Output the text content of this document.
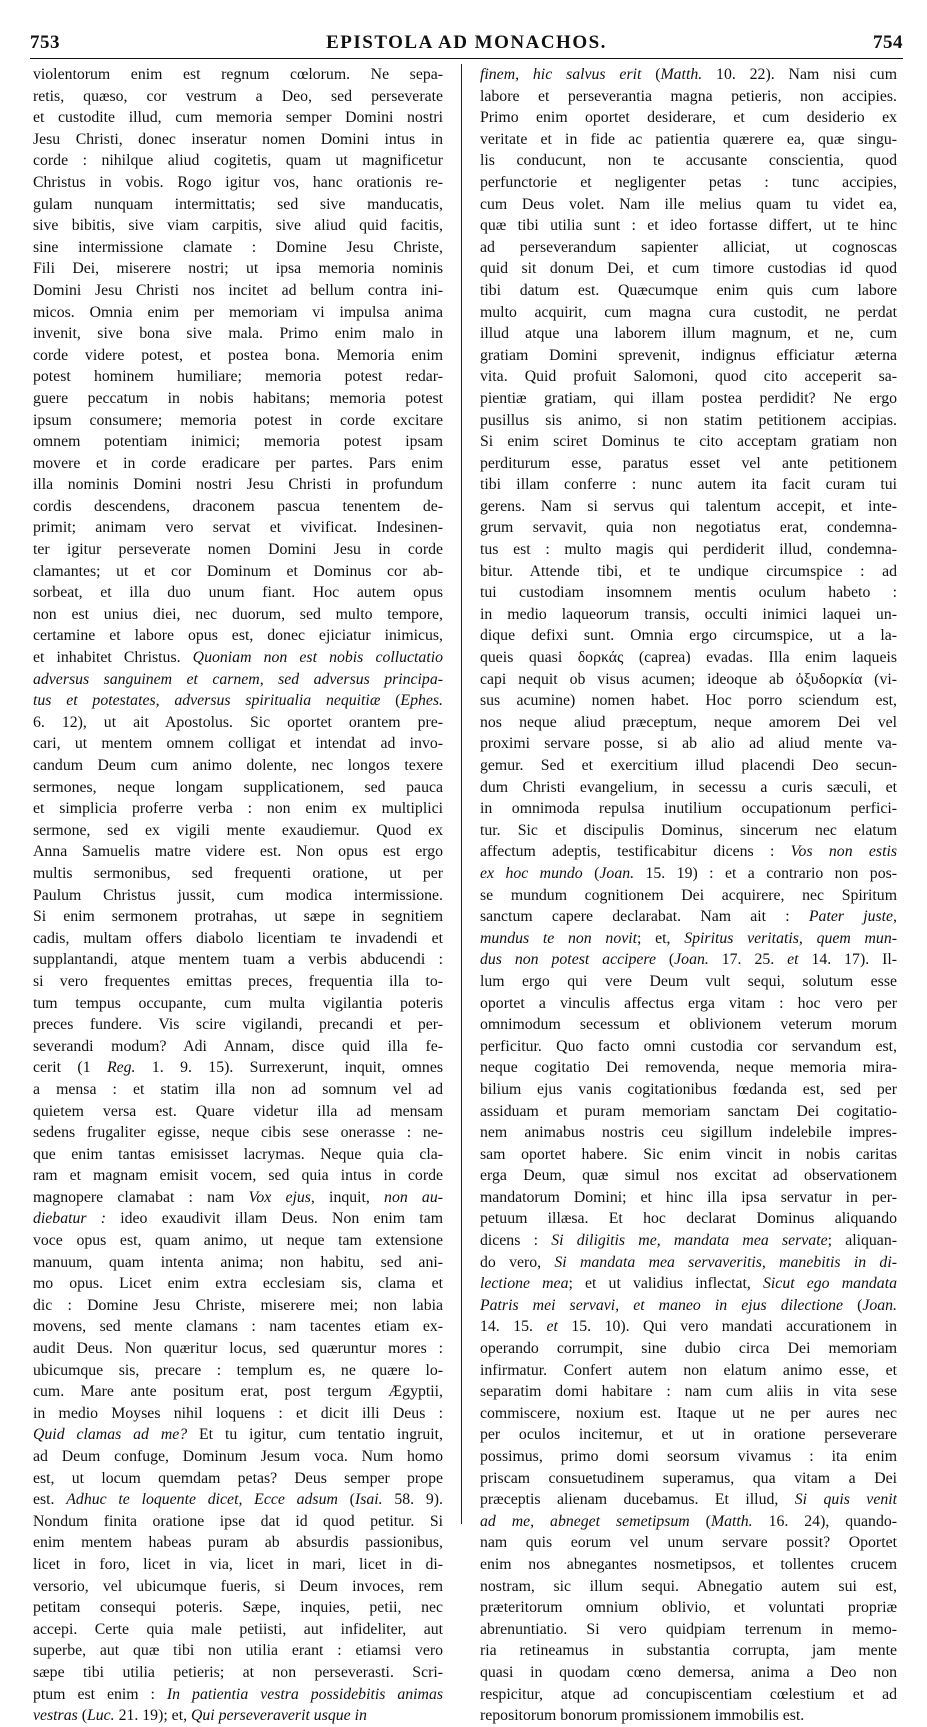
753	EPISTOLA AD MONACHOS.	754
violentorum enim est regnum cœlorum. Ne sepa-
retis, quæso, cor vestrum a Deo, sed perseverate
et custodite illud, cum memoria semper Domini nostri
Jesu Christi, donec inseratur nomen Domini intus in
corde : nihilque aliud cogitetis, quam ut magnificetur
Christus in vobis. Rogo igitur vos, hanc orationis re-
gulam nunquam intermittatis; sed sive manducatis,
sive bibitis, sive viam carpitis, sive aliud quid facitis,
sine intermissione clamate : Domine Jesu Christe,
Fili Dei, miserere nostri; ut ipsa memoria nominis
Domini Jesu Christi nos incitet ad bellum contra ini-
micos. Omnia enim per memoriam vi impulsa anima
invenit, sive bona sive mala. Primo enim malo in
corde videre potest, et postea bona. Memoria enim
potest hominem humiliare; memoria potest redar-
guere peccatum in nobis habitans; memoria potest
ipsum consumere; memoria potest in corde excitare
omnem potentiam inimici; memoria potest ipsam
movere et in corde eradicare per partes. Pars enim
illa nominis Domini nostri Jesu Christi in profundum
cordis descendens, draconem pascua tenentem de-
primit; animam vero servat et vivificat. Indesinen-
ter igitur perseverate nomen Domini Jesu in corde
clamantes; ut et cor Dominum et Dominus cor ab-
sorbeat, et illa duo unum fiant. Hoc autem opus
non est unius diei, nec duorum, sed multo tempore,
certamine et labore opus est, donec ejiciatur inimicus,
et inhabitet Christus. Quoniam non est nobis colluctatio
adversus sanguinem et carnem, sed adversus principa-
tus et potestates, adversus spiritualia nequitiæ (Ephes.
6. 12), ut ait Apostolus. Sic oportet orantem pre-
cari, ut mentem omnem colligat et intendat ad invo-
candum Deum cum animo dolente, nec longos texere
sermones, neque longam supplicationem, sed pauca
et simplicia proferre verba : non enim ex multiplici
sermone, sed ex vigili mente exaudiemur. Quod ex
Anna Samuelis matre videre est. Non opus est ergo
multis sermonibus, sed frequenti oratione, ut per
Paulum Christus jussit, cum modica intermissione.
Si enim sermonem protrahas, ut sæpe in segnitiem
cadis, multam offers diabolo licentiam te invadendi et
supplantandi, atque mentem tuam a verbis abducendi :
si vero frequentes emittas preces, frequentia illa to-
tum tempus occupante, cum multa vigilantia poteris
preces fundere. Vis scire vigilandi, precandi et per-
severandi modum? Adi Annam, disce quid illa fe-
cerit (1 Reg. 1. 9. 15). Surrexerunt, inquit, omnes
a mensa : et statim illa non ad somnum vel ad
quietem versa est. Quare videtur illa ad mensam
sedens frugaliter egisse, neque cibis sese onerasse : ne-
que enim tantas emisisset lacrymas. Neque quia cla-
ram et magnam emisit vocem, sed quia intus in corde
magnopere clamabat : nam Vox ejus, inquit, non au-
diebatur : ideo exaudivit illam Deus. Non enim tam
voce opus est, quam animo, ut neque tam extensione
manuum, quam intenta anima; non habitu, sed ani-
mo opus. Licet enim extra ecclesiam sis, clama et
dic : Domine Jesu Christe, miserere mei; non labia
movens, sed mente clamans : nam tacentes etiam ex-
audit Deus. Non quæritur locus, sed quæruntur mores :
ubicumque sis, precare : templum es, ne quære lo-
cum. Mare ante positum erat, post tergum Ægyptii,
in medio Moyses nihil loquens : et dicit illi Deus :
Quid clamas ad me? Et tu igitur, cum tentatio ingruit,
ad Deum confuge, Dominum Jesum voca. Num homo
est, ut locum quemdam petas? Deus semper prope
est. Adhuc te loquente dicet, Ecce adsum (Isai. 58. 9).
Nondum finita oratione ipse dat id quod petitur. Si
enim mentem habeas puram ab absurdis passionibus,
licet in foro, licet in via, licet in mari, licet in di-
versorio, vel ubicumque fueris, si Deum invoces, rem
petitam consequi poteris. Sæpe, inquies, petii, nec
accepi. Certe quia male petiisti, aut infideliter, aut
superbe, aut quæ tibi non utilia erant : etiamsi vero
sæpe tibi utilia petieris; at non perseverasti. Scri-
ptum est enim : In patientia vestra possidebitis animas
vestras (Luc. 21. 19); et, Qui perseveraverit usque in
finem, hic salvus erit (Matth. 10. 22). Nam nisi cum
labore et perseverantia magna petieris, non accipies.
Primo enim oportet desiderare, et cum desiderio ex
veritate et in fide ac patientia quærere ea, quæ singu-
lis conducunt, non te accusante conscientia, quod
perfunctorie et negligenter petas : tunc accipies,
cum Deus volet. Nam ille melius quam tu videt ea,
quæ tibi utilia sunt : et ideo fortasse differt, ut te hinc
ad perseverandum sapienter alliciat, ut cognoscas
quid sit donum Dei, et cum timore custodias id quod
tibi datum est. Quæcumque enim quis cum labore
multo acquirit, cum magna cura custodit, ne perdat
illud atque una laborem illum magnum, et ne, cum
gratiam Domini sprevenit, indignus efficiatur æterna
vita. Quid profuit Salomoni, quod cito acceperit sa-
pientiæ gratiam, qui illam postea perdidit? Ne ergo
pusillus sis animo, si non statim petitionem accipias.
Si enim sciret Dominus te cito acceptam gratiam non
perditurum esse, paratus esset vel ante petitionem
tibi illam conferre : nunc autem ita facit curam tui
gerens. Nam si servus qui talentum accepit, et inte-
grum servavit, quia non negotiatus erat, condemna-
tus est : multo magis qui perdiderit illud, condemna-
bitur. Attende tibi, et te undique circumspice : ad
tui custodiam insomnem mentis oculum habeto :
in medio laqueorum transis, occulti inimici laquei un-
dique defixi sunt. Omnia ergo circumspice, ut a la-
queis quasi δορκάς (caprea) evadas. Illa enim laqueis
capi nequit ob visus acumen; ideoque ab ὀξυδορκία (vi-
sus acumine) nomen habet. Hoc porro sciendum est,
nos neque aliud præceptum, neque amorem Dei vel
proximi servare posse, si ab alio ad aliud mente va-
gemur. Sed et exercitium illud placendi Deo secun-
dum Christi evangelium, in secessu a curis sæculi, et
in omnimoda repulsa inutilium occupationum perfici-
tur. Sic et discipulis Dominus, sincerum nec elatum
affectum adeptis, testificabitur dicens : Vos non estis
ex hoc mundo (Joan. 15. 19) : et a contrario non pos-
se mundum cognitionem Dei acquirere, nec Spiritum
sanctum capere declarabat. Nam ait : Pater juste,
mundus te non novit; et, Spiritus veritatis, quem mun-
dus non potest accipere (Joan. 17. 25. et 14. 17). Il-
lum ergo qui vere Deum vult sequi, solutum esse
oportet a vinculis affectus erga vitam : hoc vero per
omnimodum secessum et oblivionem veterum morum
perficitur. Quo facto omni custodia cor servandum est,
neque cogitatio Dei removenda, neque memoria mira-
bilium ejus vanis cogitationibus fœdanda est, sed per
assiduam et puram memoriam sanctam Dei cogitatio-
nem animabus nostris ceu sigillum indelebile impres-
sam oportet habere. Sic enim vincit in nobis caritas
erga Deum, quæ simul nos excitat ad observationem
mandatorum Domini; et hinc illa ipsa servatur in per-
petuum illæsa. Et hoc declarat Dominus aliquando
dicens : Si diligitis me, mandata mea servate; aliquan-
do vero, Si mandata mea servaveritis, manebitis in di-
lectione mea; et ut validius inflectat, Sicut ego mandata
Patris mei servavi, et maneo in ejus dilectione (Joan.
14. 15. et 15. 10). Qui vero mandati accurationem in
operando corrumpit, sine dubio circa Dei memoriam
infirmatur. Confert autem non elatum animo esse, et
separatim domi habitare : nam cum aliis in vita sese
commiscere, noxium est. Itaque ut ne per aures nec
per oculos incitemur, et ut in oratione perseverare
possimus, primo domi seorsum vivamus : ita enim
priscam consuetudinem superamus, qua vitam a Dei
præceptis alienam ducebamus. Et illud, Si quis venit
ad me, abneget semetipsum (Matth. 16. 24), quando-
nam quis eorum vel unum servare possit? Oportet
enim nos abnegantes nosmetipsos, et tollentes crucem
nostram, sic illum sequi. Abnegatio autem sui est,
præteritorum omnium oblivio, et voluntati propriæ
abrenuntiatio. Si vero quidpiam terrenum in memo-
ria retineamus in substantia corrupta, jam mente
quasi in quodam cœno demersa, anima a Deo non
respicitur, atque ad concupiscentiam cœlestium et ad
repositorum bonorum promissionem immobilis est.
